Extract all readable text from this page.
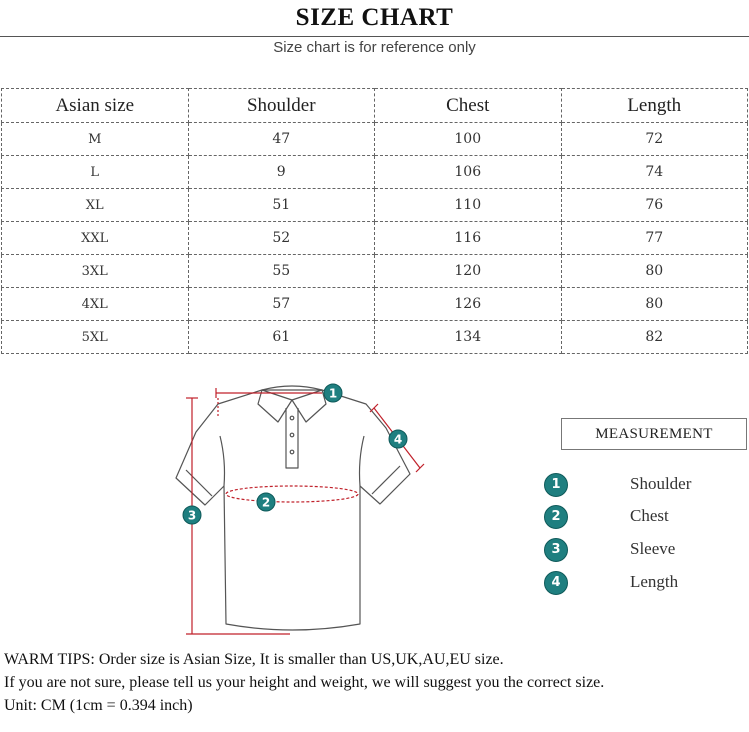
SIZE CHART
Size chart is for reference only
Asian size	Shoulder	Chest	Length
M	47	100	72
L	9	106	74
XL	51	110	76
XXL	52	116	77
3XL	55	120	80
4XL	57	126	80
5XL	61	134	82
1
2
3
4	MEASUREMENT
1	Shoulder
2	Chest
3	Sleeve
4	Length
WARM TIPS: Order size is Asian Size, It is smaller than US,UK,AU,EU size.
If you are not sure, please tell us your height and weight, we will suggest you the correct size.
Unit: CM (1cm = 0.394 inch)
